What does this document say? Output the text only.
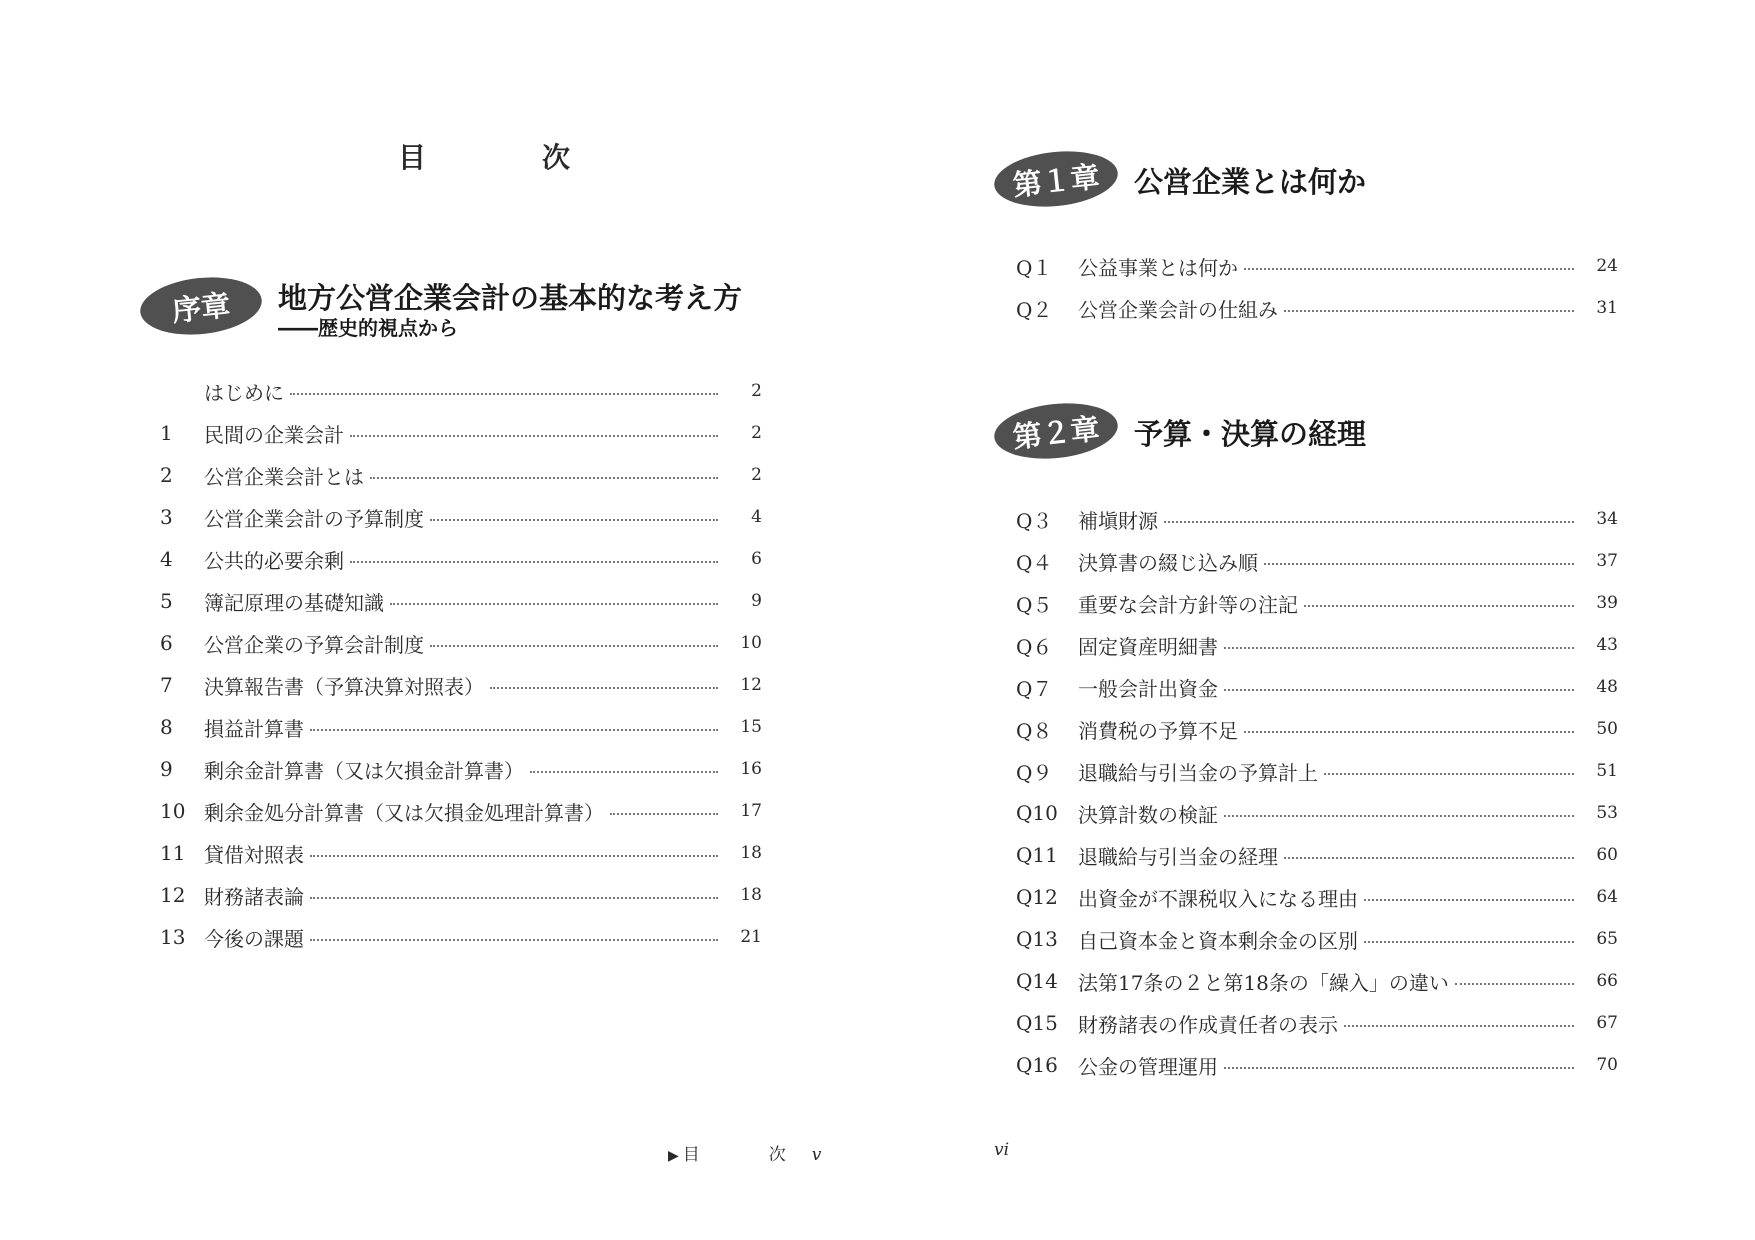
目　次
序章	地方公営企業会計の基本的な考え方

――歴史的視点から

はじめに	2
1	民間の企業会計	2
2	公営企業会計とは	2
3	公営企業会計の予算制度	4
4	公共的必要余剰	6
5	簿記原理の基礎知識	9
6	公営企業の予算会計制度	10
7	決算報告書（予算決算対照表）	12
8	損益計算書	15
9	剰余金計算書（又は欠損金計算書）	16
10 剰余金処分計算書（又は欠損金処理計算書）	17
11 貸借対照表	18
12 財務諸表論	18
13 今後の課題	21
▶ 目　次v
第１章	公営企業とは何か
Q１	公益事業とは何か	24
Q２	公営企業会計の仕組み	31
第２章	予算・決算の経理
Q３	補塡財源	34
Q４	決算書の綴じ込み順	37
Q５	重要な会計方針等の注記	39
Q６	固定資産明細書	43
Q７	一般会計出資金	48
Q８	消費税の予算不足	50
Q９	退職給与引当金の予算計上	51
Q10	決算計数の検証	53
Q11	退職給与引当金の経理	60
Q12	出資金が不課税収入になる理由	64
Q13	自己資本金と資本剰余金の区別	65
Q14	法第17条の２と第18条の「繰入」の違い	66
Q15	財務諸表の作成責任者の表示	67
Q16	公金の管理運用	70
vi
